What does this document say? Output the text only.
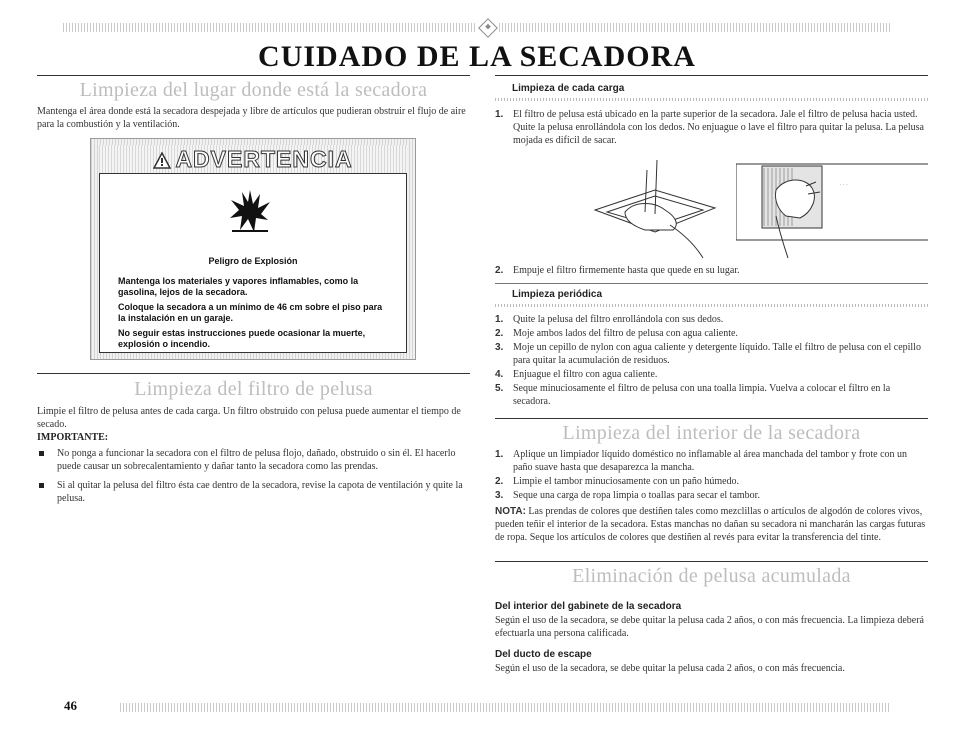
CUIDADO DE LA SECADORA
Limpieza del lugar donde está la secadora

Mantenga el área donde está la secadora despejada y libre de artículos que pudieran obstruir el flujo de aire para la combustión y la ventilación.

ADVERTENCIA

Peligro de Explosión

Mantenga los materiales y vapores inflamables, como la gasolina, lejos de la secadora.

Coloque la secadora a un mínimo de 46 cm sobre el piso para la instalación en un garaje.

No seguir estas instrucciones puede ocasionar la muerte, explosión o incendio.

Limpieza del filtro de pelusa

Limpie el filtro de pelusa antes de cada carga. Un filtro obstruido con pelusa puede aumentar el tiempo de secado.

IMPORTANTE:

No ponga a funcionar la secadora con el filtro de pelusa flojo, dañado, obstruido o sin él. El hacerlo puede causar un sobrecalentamiento y dañar tanto la secadora como las prendas.
Si al quitar la pelusa del filtro ésta cae dentro de la secadora, revise la capota de ventilación y quite la pelusa.

Limpieza de cada carga

1. El filtro de pelusa está ubicado en la parte superior de la secadora. Jale el filtro de pelusa hacia usted. Quite la pelusa enrollándola con los dedos. No enjuague o lave el filtro para quitar la pelusa. La pelusa mojada es difícil de sacar.
· · ·
2. Empuje el filtro firmemente hasta que quede en su lugar.

Limpieza periódica

1. Quite la pelusa del filtro enrollándola con sus dedos.
2. Moje ambos lados del filtro de pelusa con agua caliente.
3. Moje un cepillo de nylon con agua caliente y detergente líquido. Talle el filtro de pelusa con el cepillo para quitar la acumulación de residuos.
4. Enjuague el filtro con agua caliente.
5. Seque minuciosamente el filtro de pelusa con una toalla limpia. Vuelva a colocar el filtro en la secadora.
Limpieza del interior de la secadora
1. Aplique un limpiador líquido doméstico no inflamable al área manchada del tambor y frote con un paño suave hasta que desaparezca la mancha.
2. Limpie el tambor minuciosamente con un paño húmedo.
3. Seque una carga de ropa limpia o toallas para secar el tambor.

NOTA: Las prendas de colores que destiñen tales como mezclillas o artículos de algodón de colores vivos, pueden teñir el interior de la secadora. Estas manchas no dañan su secadora ni mancharán las cargas futuras de ropa. Seque los artículos de colores que destiñen al revés para evitar la transferencia del tinte.

Eliminación de pelusa acumulada

Del interior del gabinete de la secadora

Según el uso de la secadora, se debe quitar la pelusa cada 2 años, o con más frecuencia. La limpieza deberá efectuarla una persona calificada.

Del ducto de escape

Según el uso de la secadora, se debe quitar la pelusa cada 2 años, o con más frecuencia.

46
